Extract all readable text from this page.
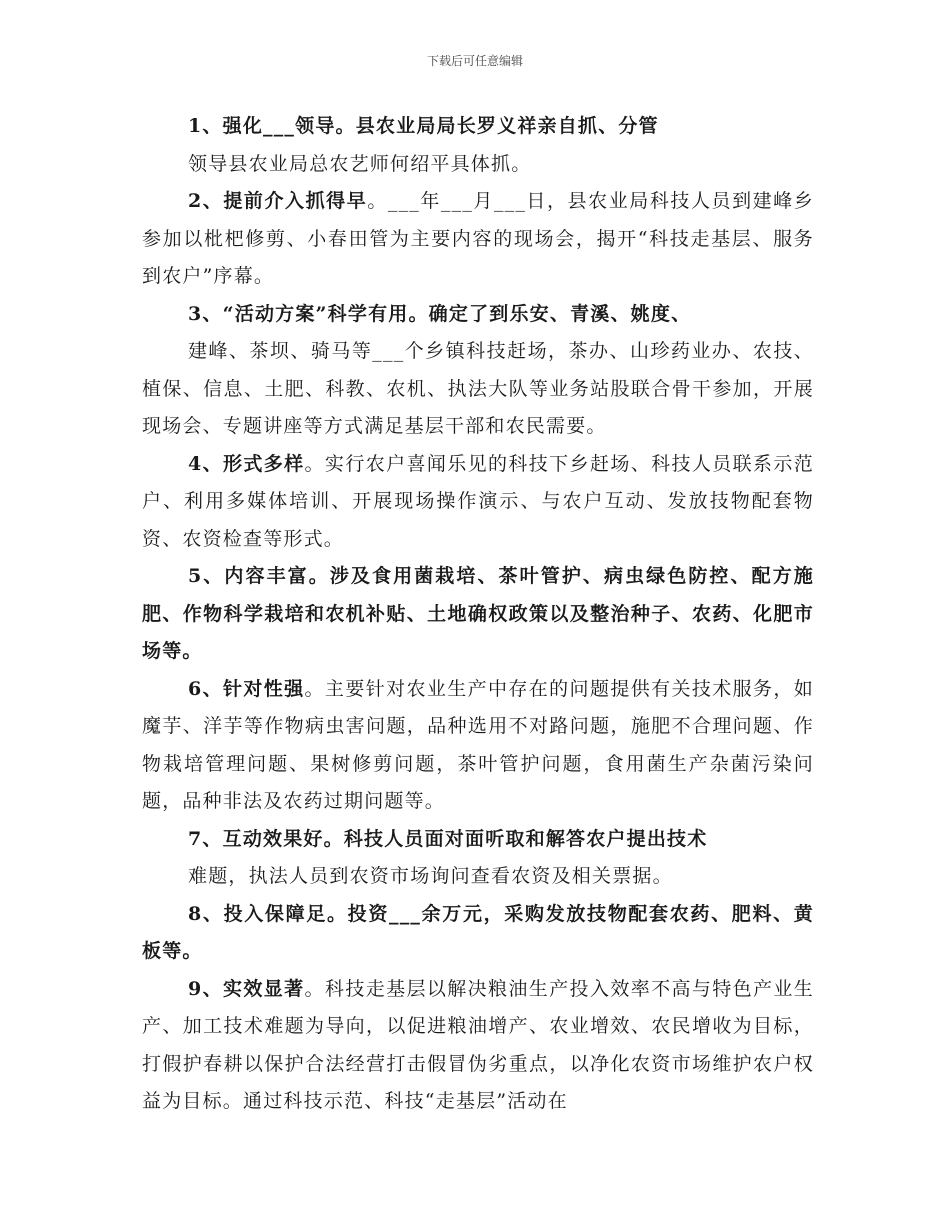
下载后可任意编辑

1、强化___领导。县农业局局长罗义祥亲自抓、分管

领导县农业局总农艺师何绍平具体抓。

2、提前介入抓得早。___年___月___日，县农业局科技人员到建峰乡参加以枇杷修剪、小春田管为主要内容的现场会，揭开“科技走基层、服务到农户”序幕。

3、“活动方案”科学有用。确定了到乐安、青溪、姚度、

建峰、茶坝、骑马等___个乡镇科技赶场，茶办、山珍药业办、农技、植保、信息、土肥、科教、农机、执法大队等业务站股联合骨干参加，开展现场会、专题讲座等方式满足基层干部和农民需要。

4、形式多样。实行农户喜闻乐见的科技下乡赶场、科技人员联系示范户、利用多媒体培训、开展现场操作演示、与农户互动、发放技物配套物资、农资检查等形式。

5、内容丰富。涉及食用菌栽培、茶叶管护、病虫绿色防控、配方施肥、作物科学栽培和农机补贴、土地确权政策以及整治种子、农药、化肥市场等。

6、针对性强。主要针对农业生产中存在的问题提供有关技术服务，如魔芋、洋芋等作物病虫害问题，品种选用不对路问题，施肥不合理问题、作物栽培管理问题、果树修剪问题，茶叶管护问题，食用菌生产杂菌污染问题，品种非法及农药过期问题等。

7、互动效果好。科技人员面对面听取和解答农户提出技术

难题，执法人员到农资市场询问查看农资及相关票据。

8、投入保障足。投资___余万元，采购发放技物配套农药、肥料、黄板等。

9、实效显著。科技走基层以解决粮油生产投入效率不高与特色产业生产、加工技术难题为导向，以促进粮油增产、农业增效、农民增收为目标，打假护春耕以保护合法经营打击假冒伪劣重点，以净化农资市场维护农户权益为目标。通过科技示范、科技“走基层”活动在
